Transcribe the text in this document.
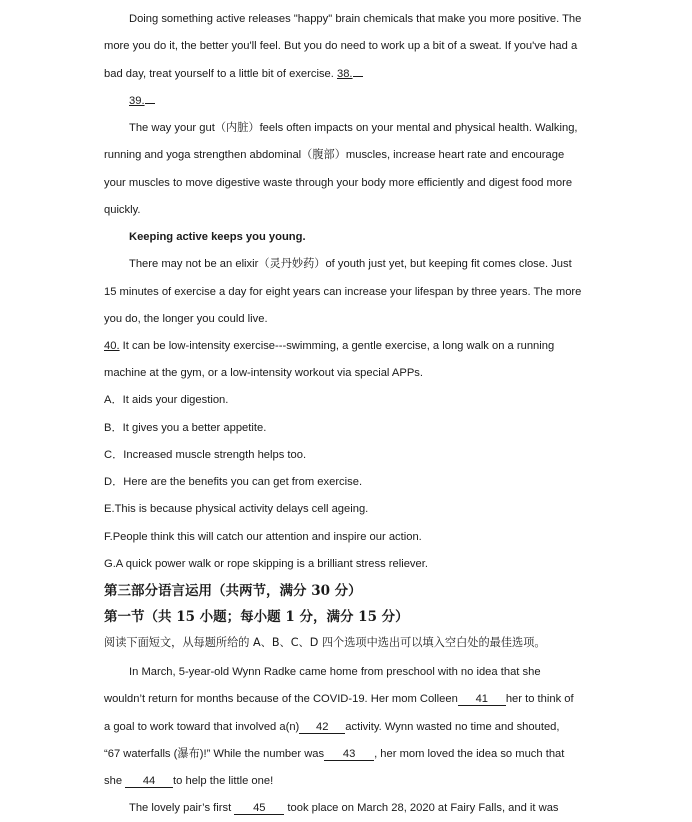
Doing something active releases "happy" brain chemicals that make you more positive. The
more you do it, the better you'll feel. But you do need to work up a bit of a sweat. If you've had a
bad day, treat yourself to a little bit of exercise. 38.
39.
The way your gut（内脏）feels often impacts on your mental and physical health. Walking,
running and yoga strengthen abdominal（腹部）muscles, increase heart rate and encourage
your muscles to move digestive waste through your body more efficiently and digest food more
quickly.
Keeping active keeps you young.
There may not be an elixir（灵丹妙药）of youth just yet, but keeping fit comes close. Just
15 minutes of exercise a day for eight years can increase your lifespan by three years. The more
you do, the longer you could live.
40. It can be low-intensity exercise---swimming, a gentle exercise, a long walk on a running
machine at the gym, or a low-intensity workout via special APPs.
A．It aids your digestion.
B．It gives you a better appetite.
C．Increased muscle strength helps too.
D．Here are the benefits you can get from exercise.
E.This is because physical activity delays cell ageing.
F.People think this will catch our attention and inspire our action.
G.A quick power walk or rope skipping is a brilliant stress reliever.
第三部分语言运用（共两节，满分 30 分）
第一节（共 15 小题；每小题 1 分，满分 15 分）
阅读下面短文，从每题所给的 A、B、C、D 四个选项中选出可以填入空白处的最佳选项。
In March, 5-year-old Wynn Radke came home from preschool with no idea that she
wouldn’t return for months because of the COVID-19. Her mom Colleen 41 her to think of
a goal to work toward that involved a(n) 42 activity. Wynn wasted no time and shouted,
“67 waterfalls (瀑布)!” While the number was 43 , her mom loved the idea so much that
she 44 to help the little one!
The lovely pair’s first 45 took place on March 28, 2020 at Fairy Falls, and it was
